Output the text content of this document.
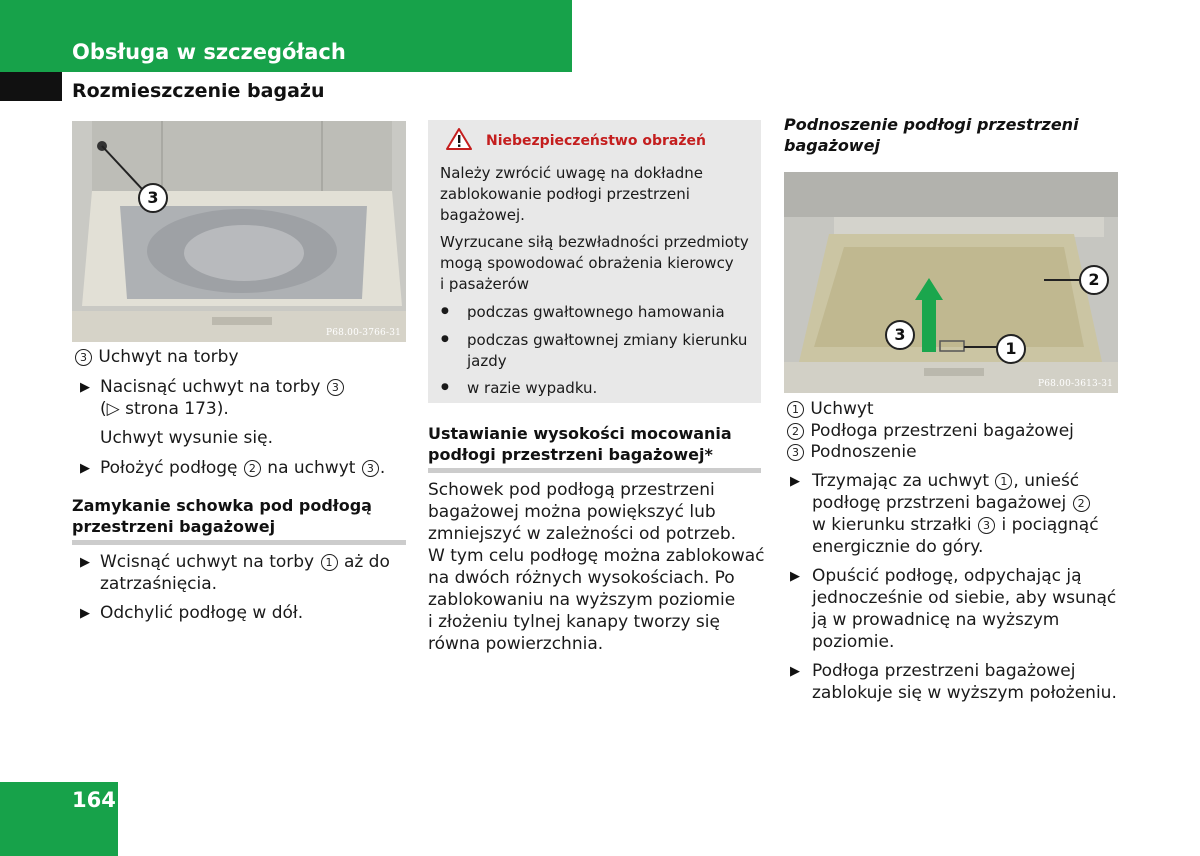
Obsługa w szczegółach
Rozmieszczenie bagażu
3
P68.00-3766-31
3 Uchwyt na torby
▶ Nacisnąć uchwyt na torby 3
(▷ strona 173).
Uchwyt wysunie się.
▶ Położyć podłogę 2 na uchwyt 3 .
Zamykanie schowka pod podłogą
przestrzeni bagażowej
▶ Wcisnąć uchwyt na torby 1 aż do
zatrzaśnięcia.
▶ Odchylić podłogę w dół.
Niebezpieczeństwo obrażeń
Należy zwrócić uwagę na dokładne
zablokowanie podłogi przestrzeni
bagażowej.
Wyrzucane siłą bezwładności przedmioty
mogą spowodować obrażenia kierowcy
i pasażerów
● podczas gwałtownego hamowania
● podczas gwałtownej zmiany kierunku
jazdy
● w razie wypadku.
Ustawianie wysokości mocowania
podłogi przestrzeni bagażowej*
Schowek pod podłogą przestrzeni
bagażowej można powiększyć lub
zmniejszyć w zależności od potrzeb.
W tym celu podłogę można zablokować
na dwóch różnych wysokościach. Po
zablokowaniu na wyższym poziomie
i złożeniu tylnej kanapy tworzy się
równa powierzchnia.
Podnoszenie podłogi przestrzeni
bagażowej
3
1
2
P68.00-3613-31
1 Uchwyt
2 Podłoga przestrzeni bagażowej
3 Podnoszenie
▶ Trzymając za uchwyt 1 , unieść
podłogę przstrzeni bagażowej 2
w kierunku strzałki 3 i pociągnąć
energicznie do góry.
▶ Opuścić podłogę, odpychając ją
jednocześnie od siebie, aby wsunąć
ją w prowadnicę na wyższym
poziomie.
▶ Podłoga przestrzeni bagażowej
zablokuje się w wyższym położeniu.
164
